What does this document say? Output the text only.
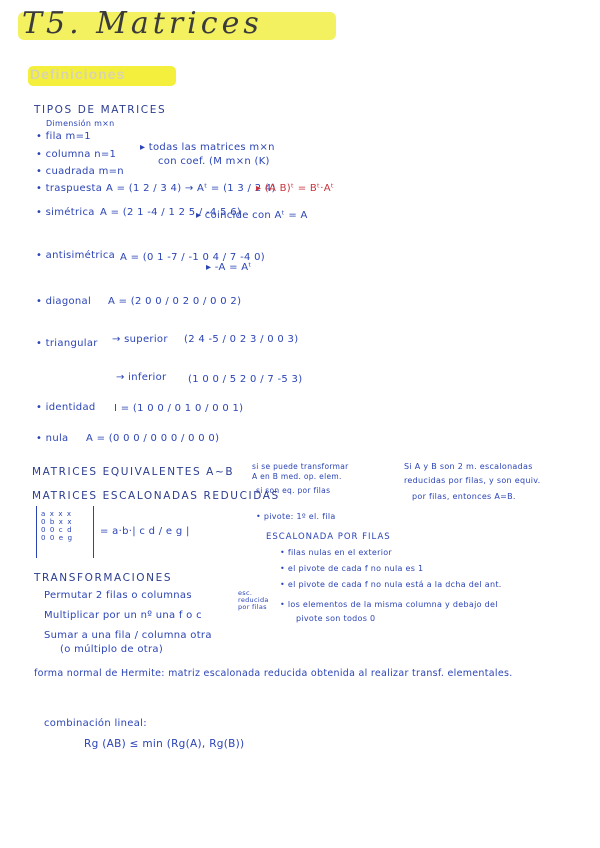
T5. Matrices
Definiciones
TIPOS DE MATRICES
Dimensión m×n
• fila m=1
• columna n=1
• cuadrada m=n
▸ todas las matrices m×n
con coef. (M m×n (K)
• traspuesta A = (1 2 / 3 4) → Aᵗ = (1 3 / 2 4)
▸ (A B)ᵗ = Bᵗ·Aᵗ
• simétrica A = (2 1 -4 / 1 2 5 / -4 5 6)
▸ coincide con Aᵗ = A
• antisimétrica A = (0 1 -7 / -1 0 4 / 7 -4 0)
▸ -A = Aᵗ
• diagonal A = (2 0 0 / 0 2 0 / 0 0 2)
• triangular → superior (2 4 -5 / 0 2 3 / 0 0 3)
→ inferior (1 0 0 / 5 2 0 / 7 -5 3)
• identidad I = (1 0 0 / 0 1 0 / 0 0 1)
• nula A = (0 0 0 / 0 0 0 / 0 0 0)
MATRICES EQUIVALENTES A~B si se puede transformar
A en B med. op. elem.
si son eq. por filas
Si A y B son 2 m. escalonadas
reducidas por filas, y son equiv.
por filas, entonces A=B.
MATRICES ESCALONADAS REDUCIDAS
a  x  x  x
0  b  x  x
0  0  c  d
0  0  e  g
= a·b·| c d / e g |
• pivote: 1º el. fila
ESCALONADA POR FILAS
• filas nulas en el exterior
• el pivote de cada f no nula es 1
• el pivote de cada f no nula está a la dcha del ant.
• los elementos de la misma columna y debajo del
pivote son todos 0
TRANSFORMACIONES
Permutar 2 filas o columnas
Multiplicar por un nº una f o c
Sumar a una fila / columna otra
(o múltiplo de otra)
esc. reducida por filas
forma normal de Hermite: matriz escalonada reducida obtenida al realizar transf. elementales.
combinación lineal:
Rg (AB) ≤ min (Rg(A), Rg(B))
